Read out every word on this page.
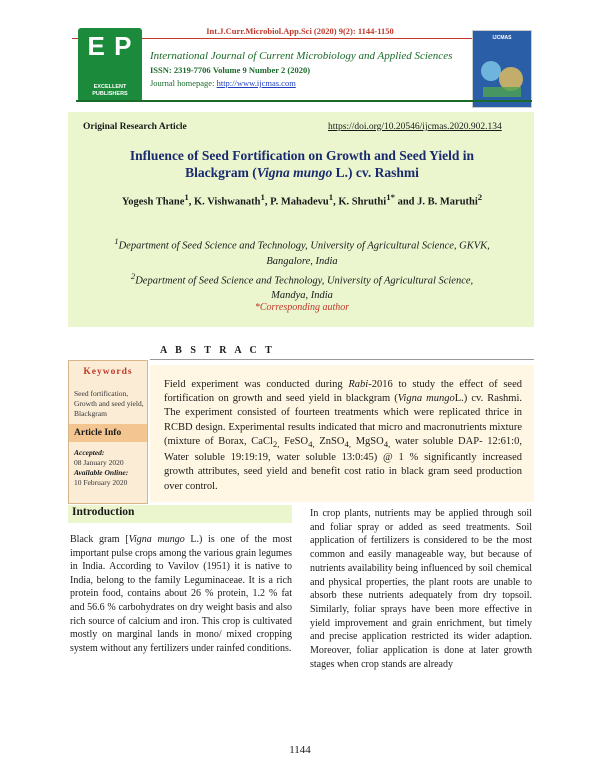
Int.J.Curr.Microbiol.App.Sci (2020) 9(2): 1144-1150
E P
EXCELLENT
PUBLISHERS
International Journal of Current Microbiology and Applied Sciences
ISSN: 2319-7706 Volume 9 Number 2 (2020)
Journal homepage: http://www.ijcmas.com
IJCMAS
Original Research Article	https://doi.org/10.20546/ijcmas.2020.902.134
Influence of Seed Fortification on Growth and Seed Yield in
Blackgram (Vigna mungo L.) cv. Rashmi
Yogesh Thane$^1$, K. Vishwanath$^1$, P. Mahadevu$^1$, K. Shruthi$^{1*}$ and J. B. Maruthi$^2$
$^1$Department of Seed Science and Technology, University of Agricultural Science, GKVK,
Bangalore, India
$^2$Department of Seed Science and Technology, University of Agricultural Science,
Mandya, India
*Corresponding author
A B S T R A C T
Keywords
Seed fortification, Growth and seed yield, Blackgram
Article Info
Accepted:
08 January 2020
Available Online:
10 February 2020
Field experiment was conducted during Rabi-2016 to study the effect of seed fortification on growth and seed yield in blackgram (Vigna mungoL.) cv. Rashmi. The experiment consisted of fourteen treatments which were replicated thrice in RCBD design. Experimental results indicated that micro and macronutrients mixture (mixture of Borax, CaCl$_{2,}$ FeSO$_{4,}$ ZnSO$_{4,}$ MgSO$_{4,}$ water soluble DAP- 12:61:0, Water soluble 19:19:19, water soluble 13:0:45) @ 1 % significantly increased growth attributes, seed yield and benefit cost ratio in black gram seed production over control.
Introduction
Black gram [Vigna mungo L.) is one of the most important pulse crops among the various grain legumes in India. According to Vavilov (1951) it is native to India, belong to the family Leguminaceae. It is a rich protein food, contains about 26 % protein, 1.2 % fat and 56.6 % carbohydrates on dry weight basis and also rich source of calcium and iron. This crop is cultivated mostly on marginal lands in mono/ mixed cropping system without any fertilizers under rainfed conditions.
In crop plants, nutrients may be applied through soil and foliar spray or added as seed treatments. Soil application of fertilizers is considered to be the most common and easily manageable way, but because of nutrients availability being influenced by soil chemical and physical properties, the plant roots are unable to absorb these nutrients adequately from dry topsoil. Similarly, foliar sprays have been more effective in yield improvement and grain enrichment, but timely and precise application restricted its wider adaption. Moreover, foliar application is done at later growth stages when crop stands are already
1144
